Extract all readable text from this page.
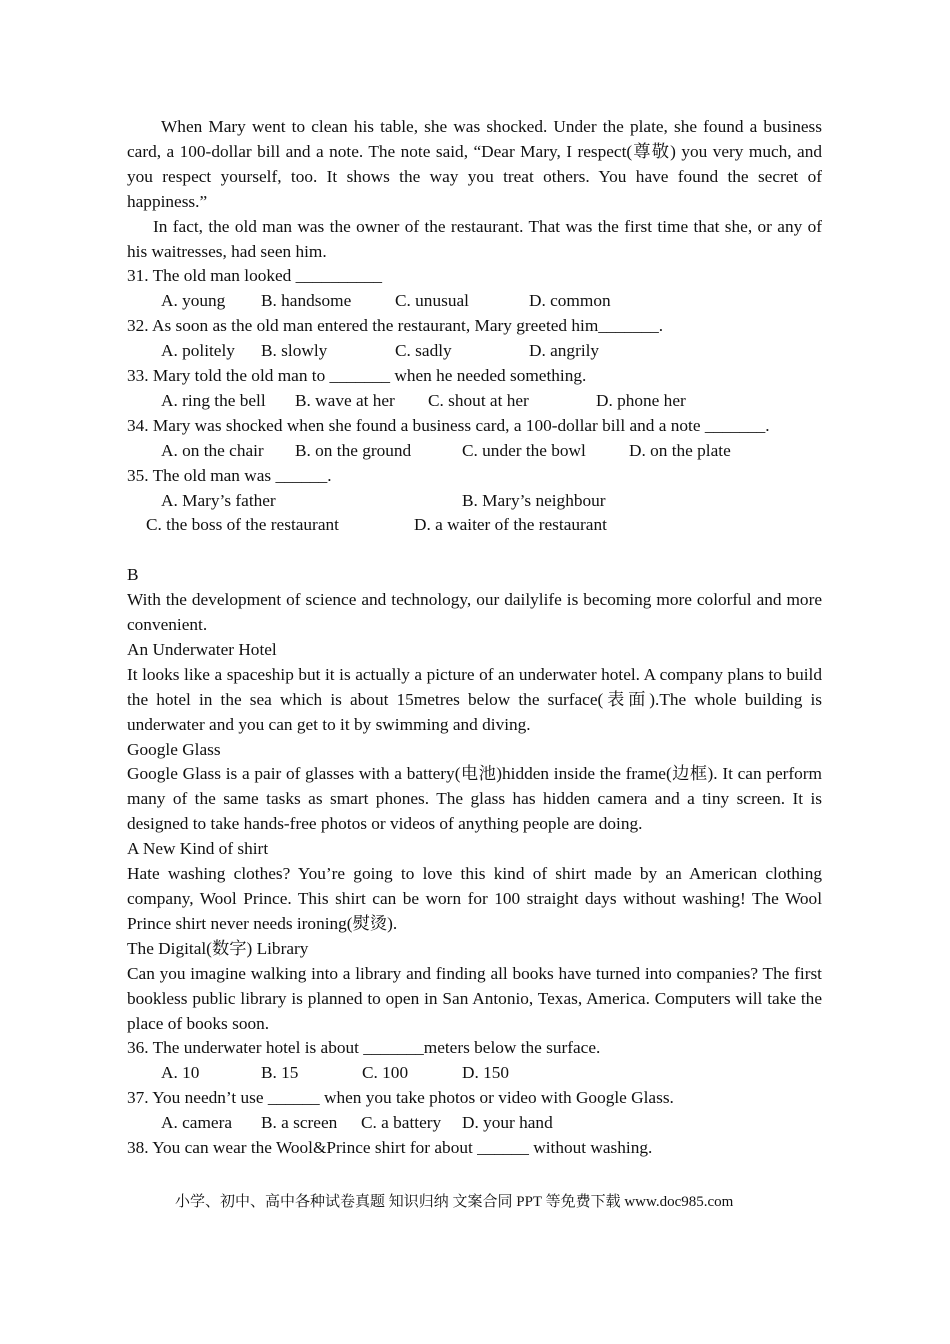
When Mary went to clean his table, she was shocked. Under the plate, she found a business card, a 100-dollar bill and a note. The note said, “Dear Mary, I respect(尊敬) you very much, and you respect yourself, too. It shows the way you treat others. You have found the secret of happiness.”

In fact, the old man was the owner of the restaurant. That was the first time that she, or any of his waitresses, had seen him.

31. The old man looked __________

A. young B. handsome	C. unusual	D. common

32. As soon as the old man entered the restaurant, Mary greeted him_______.

A. politely B. slowly	C. sadly	D. angrily

33. Mary told the old man to _______ when he needed something.

A. ring the bell B. wave at her C. shout at her	D. phone her

34. Mary was shocked when she found a business card, a 100-dollar bill and a note _______.

A. on the chair B. on the ground	C. under the bowl D. on the plate

35. The old man was ______.

A. Mary’s father	B. Mary’s neighbour
C. the boss of the restaurant	D. a waiter of the restaurant

B

With the development of science and technology, our dailylife is becoming more colorful and more convenient.

An Underwater Hotel

It looks like a spaceship but it is actually a picture of an underwater hotel. A company plans to build the hotel in the sea which is about 15metres below the surface(表面).The whole building is underwater and you can get to it by swimming and diving.

Google Glass

Google Glass is a pair of glasses with a battery(电池)hidden inside the frame(边框). It can perform many of the same tasks as smart phones. The glass has hidden camera and a tiny screen. It is designed to take hands-free photos or videos of anything people are doing.

A New Kind of shirt

Hate washing clothes? You’re going to love this kind of shirt made by an American clothing company, Wool Prince. This shirt can be worn for 100 straight days without washing! The Wool Prince shirt never needs ironing(熨烫).

The Digital(数字) Library

Can you imagine walking into a library and finding all books have turned into companies? The first bookless public library is planned to open in San Antonio, Texas, America. Computers will take the place of books soon.

36. The underwater hotel is about _______meters below the surface.

A. 10	B. 15	C. 100	D. 150

37. You needn’t use ______ when you take photos or video with Google Glass.

A. camera B. a screen C. a battery D. your hand

38. You can wear the Wool&Prince shirt for about ______ without washing.

小学、初中、高中各种试卷真题 知识归纳 文案合同 PPT 等免费下载 www.doc985.com
